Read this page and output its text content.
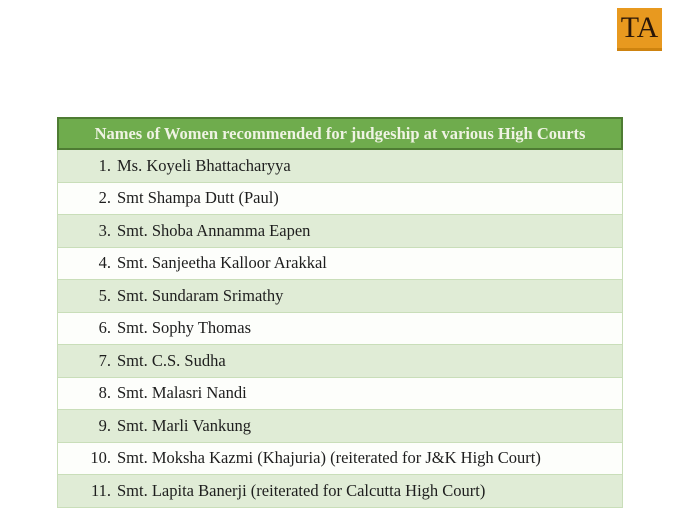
TA
Names of Women recommended for judgeship at various High Courts
1. Ms. Koyeli Bhattacharyya
2. Smt Shampa Dutt (Paul)
3. Smt. Shoba Annamma Eapen
4. Smt. Sanjeetha Kalloor Arakkal
5. Smt. Sundaram Srimathy
6. Smt. Sophy Thomas
7. Smt. C.S. Sudha
8. Smt. Malasri Nandi
9. Smt. Marli Vankung
10. Smt. Moksha Kazmi (Khajuria) (reiterated for J&K High Court)
11. Smt. Lapita Banerji (reiterated for Calcutta High Court)
